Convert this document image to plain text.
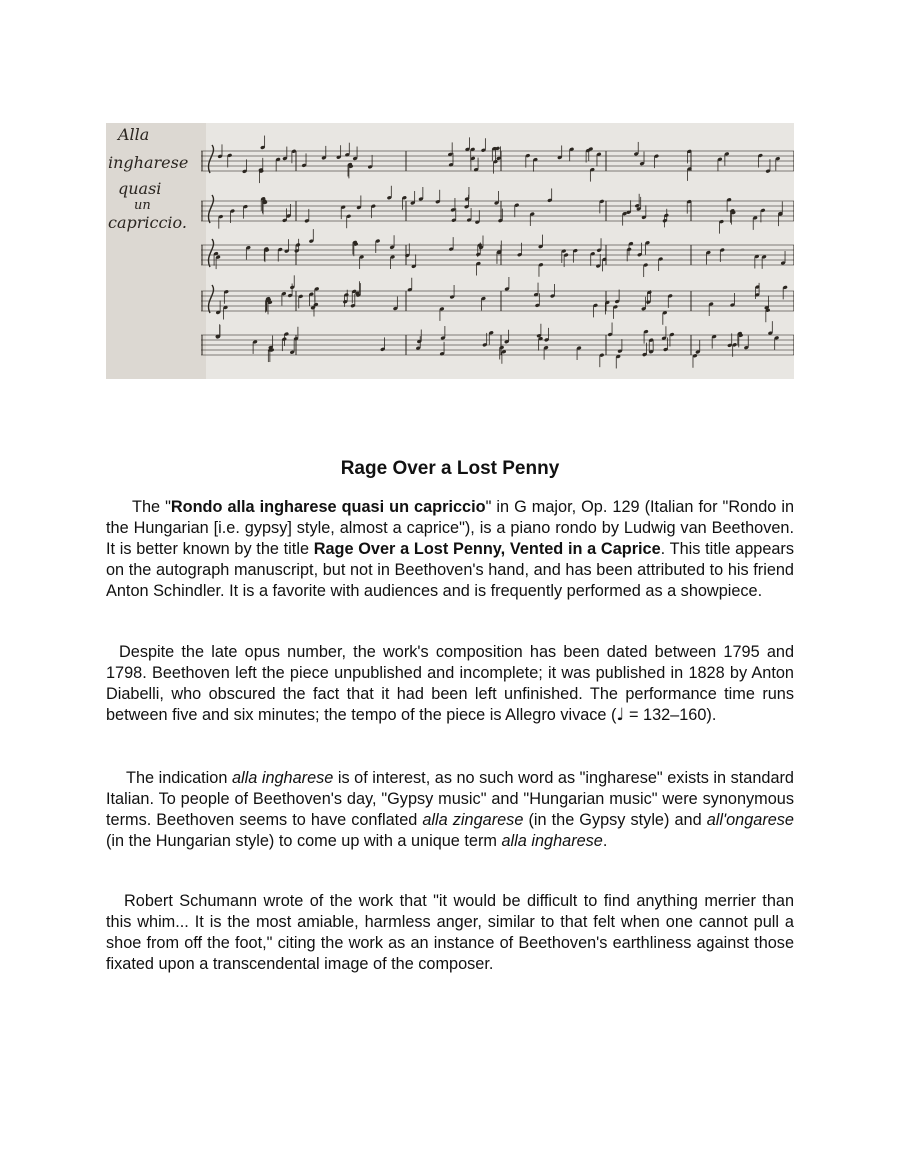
Alla
ingharese
quasi
un
capriccio.
Rage Over a Lost Penny

The "Rondo alla ingharese quasi un capriccio" in G major, Op. 129 (Italian for "Rondo in the Hungarian [i.e. gypsy] style, almost a caprice"), is a piano rondo by Ludwig van Beethoven. It is better known by the title Rage Over a Lost Penny, Vented in a Caprice. This title appears on the autograph manuscript, but not in Beethoven's hand, and has been attributed to his friend Anton Schindler. It is a favorite with audiences and is frequently performed as a showpiece.

Despite the late opus number, the work's composition has been dated between 1795 and 1798. Beethoven left the piece unpublished and incomplete; it was published in 1828 by Anton Diabelli, who obscured the fact that it had been left unfinished. The performance time runs between five and six minutes; the tempo of the piece is Allegro vivace (♩ = 132–160).

The indication alla ingharese is of interest, as no such word as "ingharese" exists in standard Italian. To people of Beethoven's day, "Gypsy music" and "Hungarian music" were synonymous terms. Beethoven seems to have conflated alla zingarese (in the Gypsy style) and all'ongarese (in the Hungarian style) to come up with a unique term alla ingharese.

Robert Schumann wrote of the work that "it would be difficult to find anything merrier than this whim... It is the most amiable, harmless anger, similar to that felt when one cannot pull a shoe from off the foot," citing the work as an instance of Beethoven's earthliness against those fixated upon a transcendental image of the composer.
